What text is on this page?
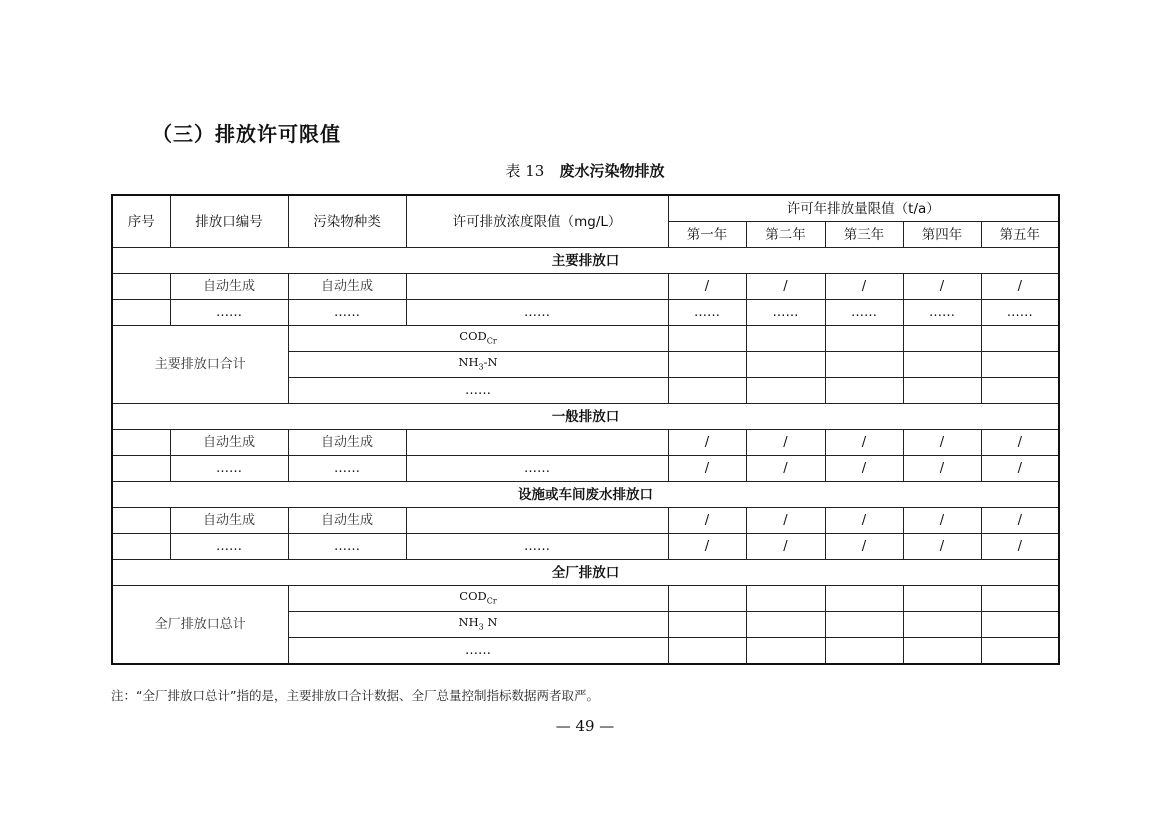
（三）排放许可限值
表 13 废水污染物排放
序号	排放口编号	污染物种类	许可排放浓度限值（mg/L）	许可年排放量限值（t/a）				
				第一年	第二年	第三年	第四年	第五年
主要排放口								
	自动生成	自动生成		/	/	/	/	/
	……	……	……	……	……	……	……	……
主要排放口合计		$COD_{Cr}$					
		$NH_3-N$						
		……						
一般排放口								
	自动生成	自动生成		/	/	/	/	/
	……	……	……	/	/	/	/	/
设施或车间废水排放口								
	自动生成	自动生成		/	/	/	/	/
	……	……	……	/	/	/	/	/
全厂排放口								
全厂排放口总计		$COD_{Cr}$					
		$NH_3$ N						
		……						
注：“全厂排放口总计”指的是，主要排放口合计数据、全厂总量控制指标数据两者取严。
— 49 —
